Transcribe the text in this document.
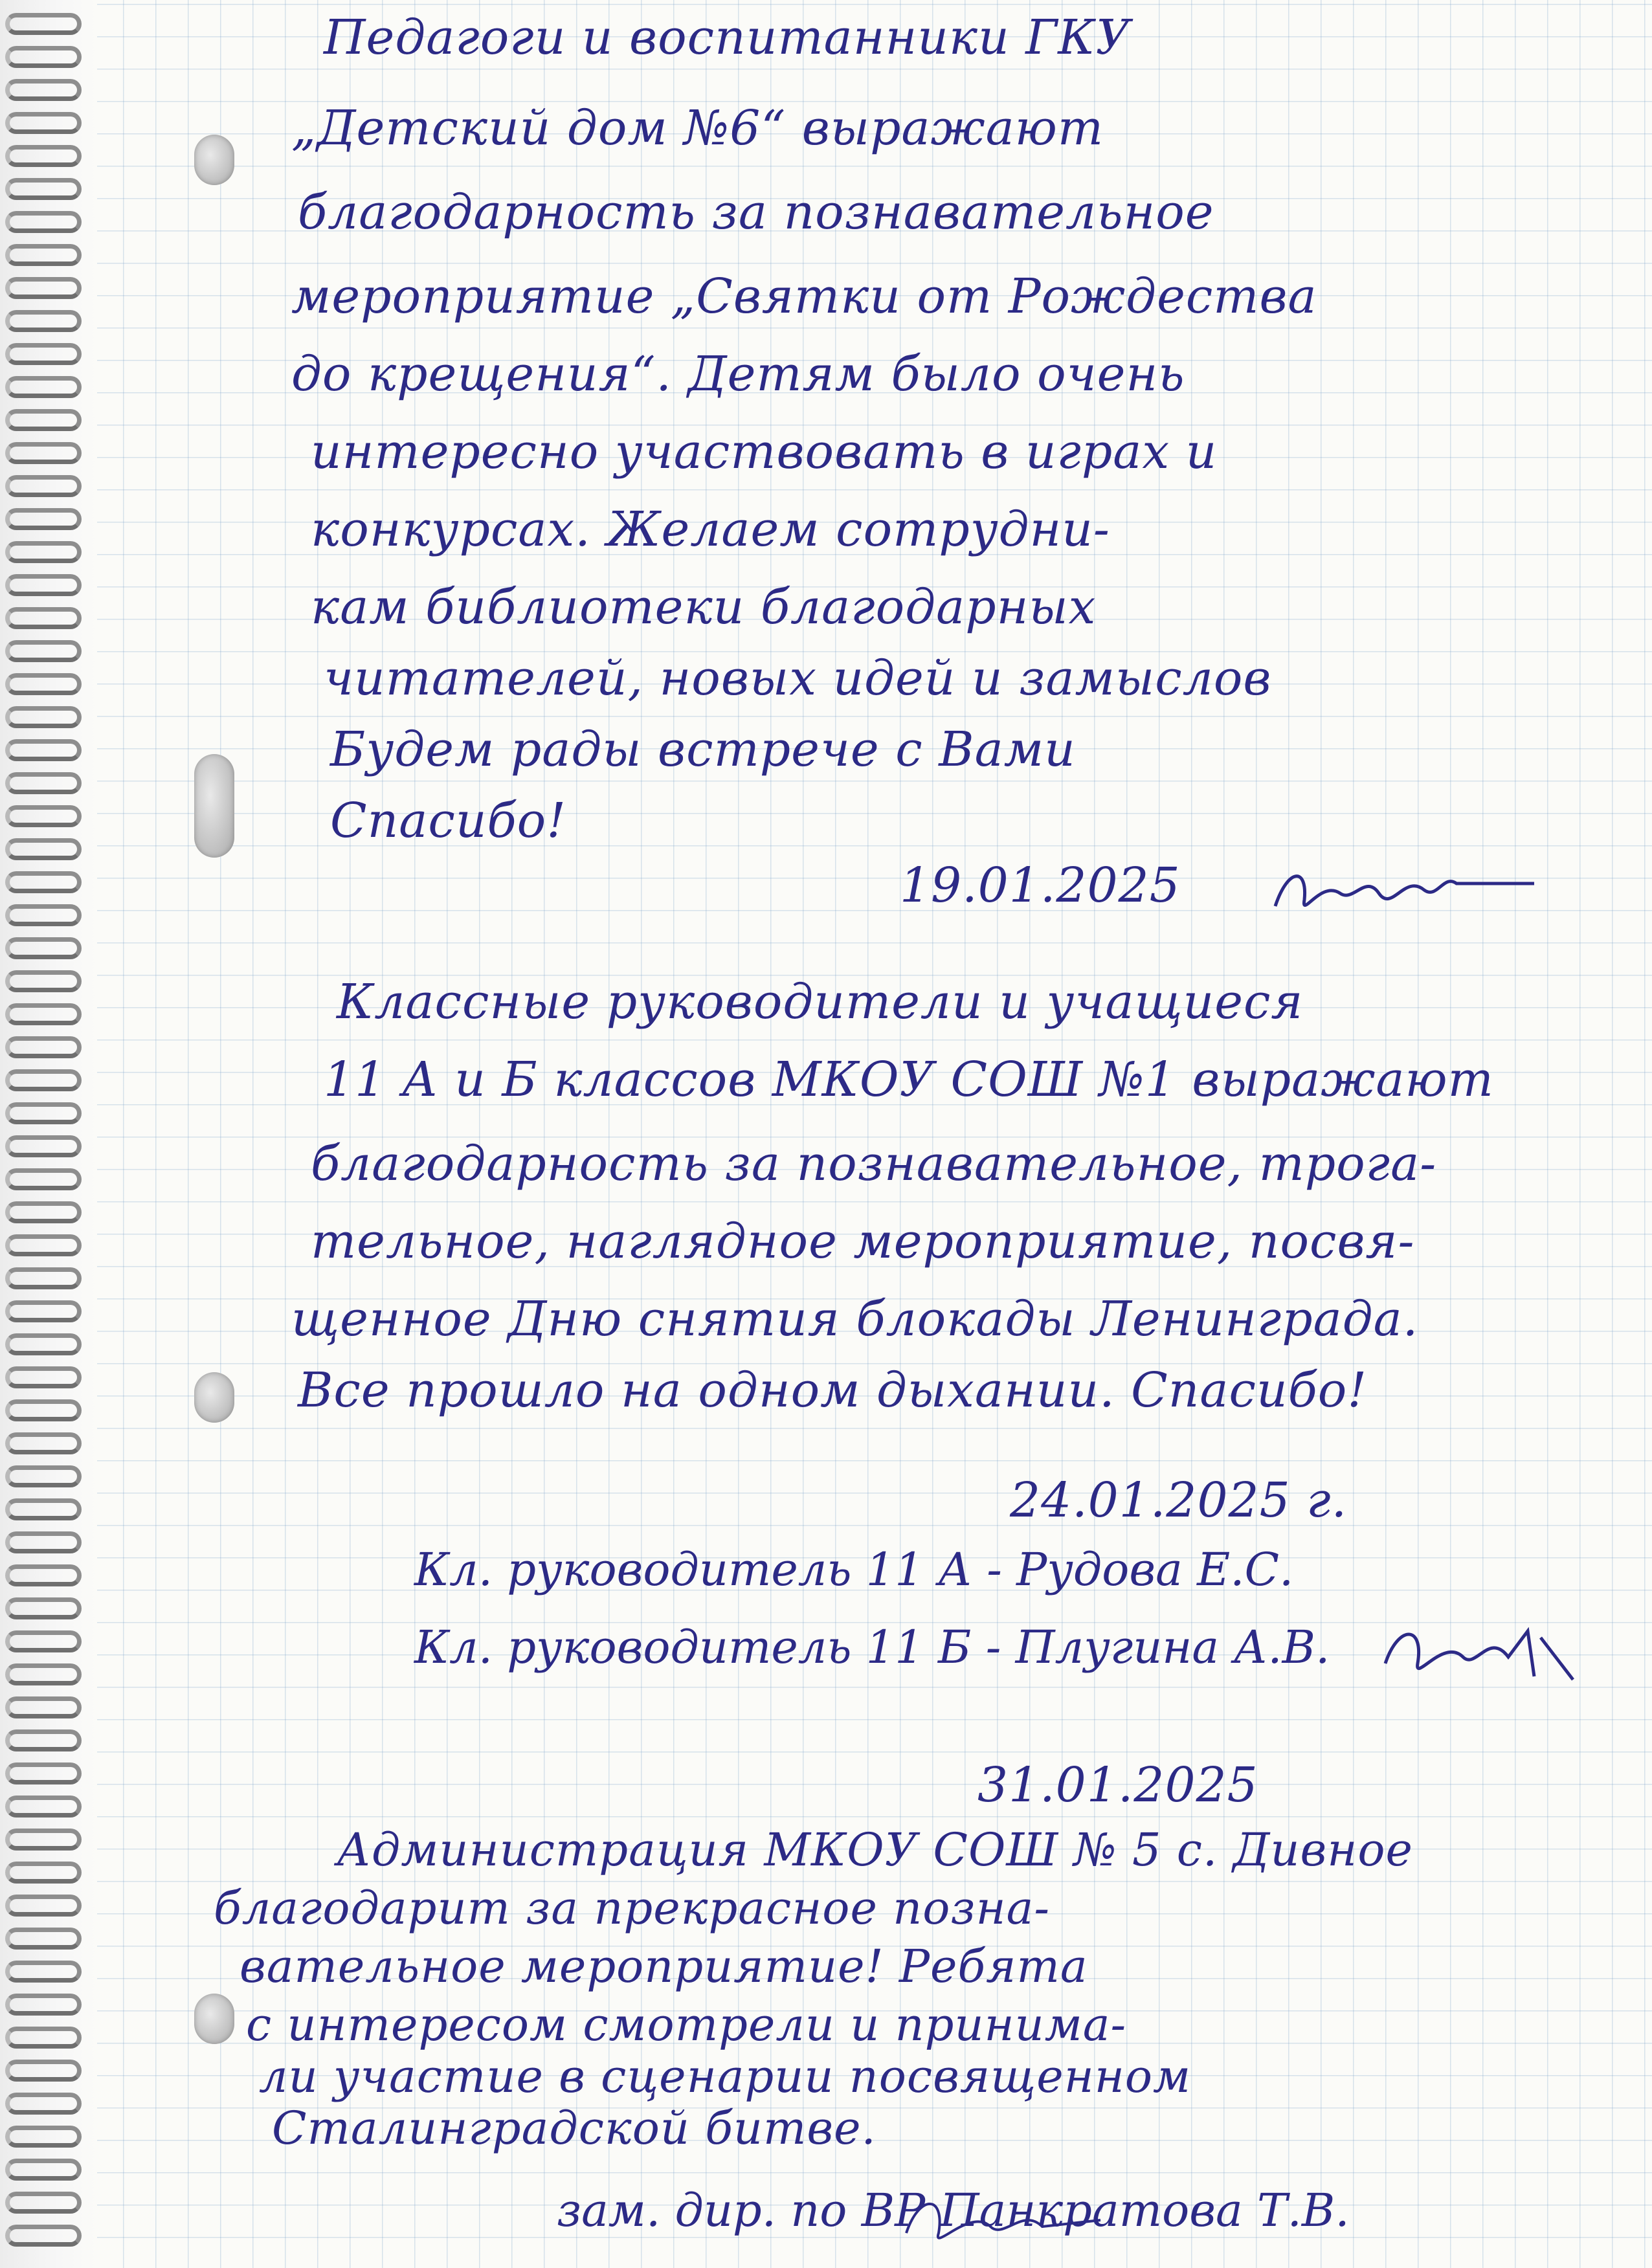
Педагоги и воспитанники ГКУ
„Детский дом №6“ выражают
благодарность за познавательное
мероприятие „Святки от Рождества
до крещения“. Детям было очень
интересно участвовать в играх и
конкурсах. Желаем сотрудни-
кам библиотеки благодарных
читателей, новых идей и замыслов
Будем рады встрече с Вами
Спасибо!
19.01.2025
Классные руководители и учащиеся
11 А и Б классов МКОУ СОШ №1 выражают
благодарность за познавательное, трога-
тельное, наглядное мероприятие, посвя-
щенное Дню снятия блокады Ленинграда.
Все прошло на одном дыхании. Спасибо!
24.01.2025 г.
Кл. руководитель 11 А - Рудова Е.С.
Кл. руководитель 11 Б - Плугина А.В.
31.01.2025
Администрация МКОУ СОШ № 5 с. Дивное
благодарит за прекрасное позна-
вательное мероприятие! Ребята
с интересом смотрели и принима-
ли участие в сценарии посвященном
Сталинградской битве.
зам. дир. по ВР Панкратова Т.В.
